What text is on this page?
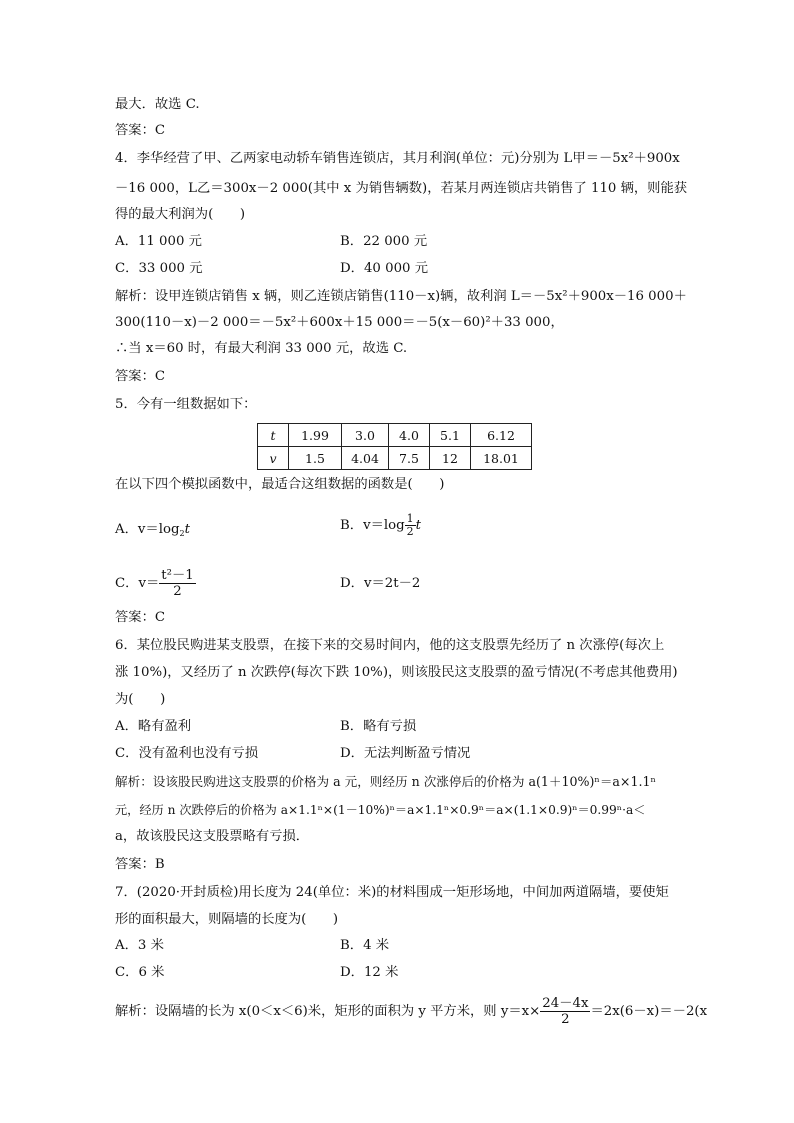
最大．故选 C.
答案：C
4．李华经营了甲、乙两家电动轿车销售连锁店，其月利润(单位：元)分别为 L甲＝－5x²＋900x
－16 000，L乙＝300x－2 000(其中 x 为销售辆数)，若某月两连锁店共销售了 110 辆，则能获
得的最大利润为(　　)
A．11 000 元	B．22 000 元
C．33 000 元	D．40 000 元
解析：设甲连锁店销售 x 辆，则乙连锁店销售(110－x)辆，故利润 L＝－5x²＋900x－16 000＋
300(110－x)－2 000＝－5x²＋600x＋15 000＝－5(x－60)²＋33 000，
∴当 x＝60 时，有最大利润 33 000 元，故选 C.
答案：C
5．今有一组数据如下：
t	1.99	3.0	4.0	5.1	6.12
v	1.5	4.04	7.5	12	18.01
在以下四个模拟函数中，最适合这组数据的函数是(　　)
A．$v=\log_2t$	B．$v=\log \frac{1}{2}$ t
C．$v= \frac{\text{t²－1}}{2}$	D．v＝2t－2
答案：C
6．某位股民购进某支股票，在接下来的交易时间内，他的这支股票先经历了 n 次涨停(每次上
涨 10%)，又经历了 n 次跌停(每次下跌 10%)，则该股民这支股票的盈亏情况(不考虑其他费用)
为(　　)
A．略有盈利	B．略有亏损
C．没有盈利也没有亏损	D．无法判断盈亏情况
解析：设该股民购进这支股票的价格为 a 元，则经历 n 次涨停后的价格为 a(1＋10%)ⁿ＝a×1.1ⁿ
元，经历 n 次跌停后的价格为 a×1.1ⁿ×(1－10%)ⁿ＝a×1.1ⁿ×0.9ⁿ＝a×(1.1×0.9)ⁿ＝0.99ⁿ·a＜
a，故该股民这支股票略有亏损．
答案：B
7．(2020·开封质检)用长度为 24(单位：米)的材料围成一矩形场地，中间加两道隔墙，要使矩
形的面积最大，则隔墙的长度为(　　)
A．3 米	B．4 米
C．6 米	D．12 米
解析：设隔墙的长为 x(0＜x＜6)米，矩形的面积为 y 平方米，则 $y=x\times \frac{24-4x}{2} =2x(6-x)=-2(x$
